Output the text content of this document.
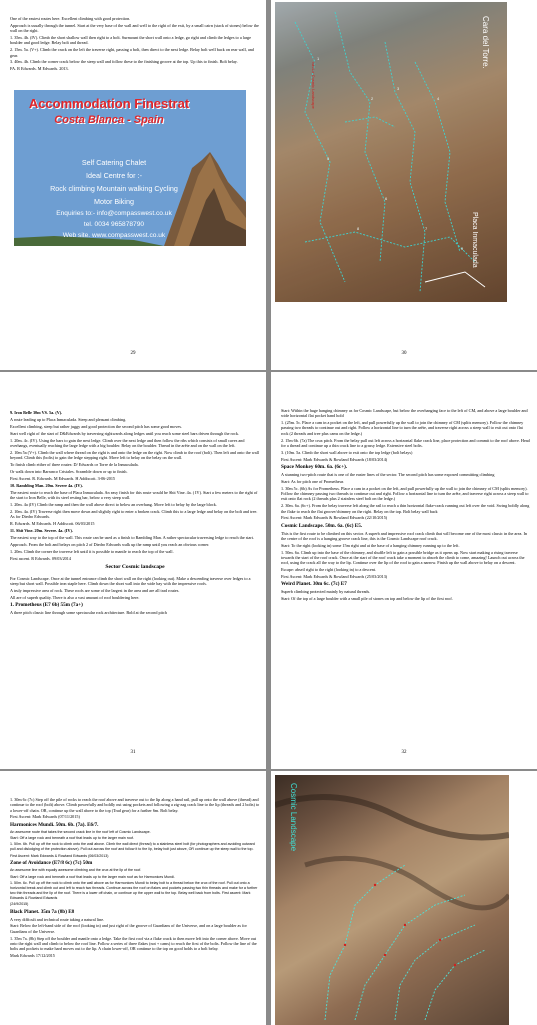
One of the easiest routes here. Excellent climbing with good protection.

Approach is usually through the tunnel. Start at the very base of the wall and well to the right of the exit, by a small cairn (stack of stones) below the wall on the right.

1. 35m. 4b. (IV). Climb the short shallow wall then right to a bolt. Surmount the short wall onto a ledge, go right and climb the ledges to a large boulder and good ledge. Belay bolt and thread.

2. 15m. 5a. (V+). Climb the crack on the left the traverse right, passing a bolt, then direct to the next ledge. Belay bolt well back on rear wall, and gear.

3. 40m. 4b. Climb the corner crack below the steep wall and follow these to the finishing groove at the top. Up this to finish. Bolt belay.

FA. R Edwards. M Edwards. 2013.

Accommodation Finestrat
Costa Blanca - Spain
Self Catering Chalet
Ideal Centre for :-
Rock climbing Mountain walking Cycling
Motor Biking
Enquiries to:- info@compasswest.co.uk
tel. 0034 965878790
Web site. www.compasswest.co.uk
29
1
2
3
4
5
6
7
8
9
Cara del Torre.
Placa Inmaculada
Sector Cosmic Landscape
30

9. Iron Belle 30m VS. 5a. (V).

A route leading up to Placa Inmaculada. Steep and pleasant climbing.

Excellent climbing, steep but rather juggy and good protection the second pitch has some good moves.

Start well right of the start of D&Edwards by traversing rightwards along ledges until you reach some steel bars driven through the rock.

1. 20m. 4c. (IV). Using the bars to gain the next ledge. Climb over the next ledge and then follow the ribs which consists of small caves and overhangs, eventually reaching the large ledge with a big boulder. Belay on the boulder. Thread in the arête and on the wall on the left.

2. 10m 5a (V+). Climb the wall where thread on the right is and onto the ledge on the right. Now climb to the roof (bolt). Then left and onto the wall beyond. Climb this (bolts) to gain the ledge stepping right. Move left to belay on the belay on the wall.

To finish climb either of three routes: D/ Edwards or Torre de la Inmaculada.

Or walk down into Barranco Cristales. Scramble down or up to finish.

First Ascent. R. Edwards. M Edwards. H Addiscott. 3-06-2015

10. Rambling Man. 20m. Severe 4a. (IV).

The easiest route to reach the base of Placa Inmaculada. An easy finish for this route would be Shit Vine. 4a. ( IV). Start a few meters to the right of the start to Iron Belle, with its steel resting bar, below a very steep wall.

1. 20m. 4a (IV) Climb the ramp and then the wall above direct to below an overhang. Move left to belay by the large block.

2. 10m. 4a. (IV) Traverse right then move down and slightly right to enter a broken crack. Climb this to a large ledge and belay on the bolt and tree. As for Diedro Edwards.

R. Edwards. M Edwards. H Addiscott. 06/03/2015

11. Shit Vine. 20m. Severe. 4a. (IV).

The easiest way to the top of the wall. This route can be used as a finish to Rambling Man. A rather spectacular traversing ledge to reach the start.

Approach. From the bolt and belays on pitch 2 of Diedro Edwards walk up the ramp until you reach an obvious corner.

1. 20m. Climb the corner the traverse left until it is possible to mantle to reach the top of the wall.

First ascent. R Edwards. 09/03/2014

Sector Cosmic landscape

For Cosmic Landscape. Once at the tunnel entrance climb the short wall on the right (looking out). Make a descending traverse over ledges to a steep but short wall. Possible iron staple here. Climb down the short wall into the wide bay with the impressive roofs.

A truly impressive area of rock. These roofs are some of the largest in the area and are all trad routes.

All are of superb quality. There is also a vast amount of roof bouldering here.

1. Prometheus (E7 6b) 55m (7a+)

A three pitch classic line through some spectacular rock architecture. Bold at the second pitch

31

Start: Within the huge hanging chimney as for Cosmic Landscape, but below the overhanging face to the left of CM, and above a large boulder and wide horizontal flat pocket hand hold

1. (25m. 5c. Place a cam in a pocket on the left, and pull powerfully up the wall to join the chimney of CM (splits memory). Follow the chimney passing two threads to continue out and right. Follow a horizontal line to turn the arête, and traverse right across a steep wall to exit out onto flat rock (2 threads and tree plus cams on the ledge.)

2. 15m 6b. (7a) The crux pitch. From the belay pull out left across a horizontal flake crack line, place protection and commit to the roof above. Head for a thread and continue up a thin crack line to a grassy ledge. Extensive steel bolts.

3. (10m. 5a. Climb the short wall above to exit onto the top ledge (bolt belays)

First Ascent: Mark Edwards & Rowland Edwards (18/03/2014)

Space Monkey 60m. 6a. (6c+).

A stunning two-pitch route that is one of the easier lines of the sector. The second pitch has some exposed committing climbing

Start: As for pitch one of Prometheus

1. 30m 5c. (6b) As for Prometheus. Place a cam in a pocket on the left, and pull powerfully up the wall to join the chimney of CM (splits memory). Follow the chimney passing two threads to continue out and right. Follow a horizontal line to turn the arête, and traverse right across a steep wall to exit onto flat rock (2 threads plus 2 stainless steel bolt on the ledge.)

2. 30m. 6a. (6c+). From the belay traverse left along the rail to reach a thin horizontal flake-crack running out left over the void. Swing boldly along the flake to reach the flat groove/chimney on the right. Belay on the top. Bolt belay wall back

First Ascent: Mark Edwards & Rowland Edwards (22/10/2015)

Cosmic Landscape. 50m. 6a. (6c) E5.

This is the first route to be climbed on this sector. A superb and impressive roof crack climb that will become one of the most classic in the area. In the centre of the roof is a hanging groove crack line, this is the Cosmic Landscape roof crack.

Start: To the right (looking in) some 15m right and at the base of a hanging chimney running up to the left.

1. 50m. 6a. Climb up into the base of the chimney, and shuffle left to gain a possible bridge as it opens up. Now start making a rising traverse towards the start of the roof crack. Once at the start of the roof crack take a moment to absorb the climb to come, amazing! Launch out across the roof, using the crack all the way to the lip. Continue over the lip of the roof to gain a narrow. Finish up the wall above to belay on a descent.

Escape: abseil right to the right (looking in) to a descent.

First Ascent: Mark Edwards & Rowland Edwards (25/03/2013)

Weird Planet. 30m 6c. (7c) E7

Superb climbing protected mainly by natural threads.

Start: Of the top of a large boulder with a small pile of stones on top and below the lip of the first roof.

32

1. 30m 6c (7c) Step off the pile of rocks to reach the roof above and traverse out to the lip along a hand rail, pull up onto the wall above (thread) and continue to the roof (bolt) above. Climb powerfully and boldly out using pockets and following a zig-zag crack line to the lip (threads and 2 bolts) to a lower-off chain. OR, continue up the wall above to the top (Trad gear) for a further 6m. Bolt belay.

First Ascent: Mark Edwards (07/11/2015)

Harmonices Mundi. 50m. 6b. (7a). E6/7.

An awesome route that takes the second crack line in the roof left of Cosmic Landscape.

Start: Off a large rock and beneath a roof that leads up to the larger main roof.

1. 50m. 6b. Pull up off the rock to climb onto the wall above. Climb the wall direct (thread) to a stainless steel bolt (for photographers and avoiding outward pull and dislodging of the protection above). Pull out across the roof and follow it to the lip, belay bolt just above, OR continue up the steep wall to the top.

First Ascent: Mark Edwards & Rowland Edwards (06/03/2013)

Zone of Avoidance (E7/8 6c) (7c) 50m

An awesome line with equally awesome climbing and the crux at the lip of the roof.

Start: Off a large rock and beneath a roof that leads up to the larger main roof as for Harmonices Mundi.

1. 50m. 6c. Pull up off the rock to climb onto the wall above as for Harmonices Mundi to belay bolt to a thread below the crux of the roof. Pull out onto a horizontal break and climb out and left to reach two threads. Continue across the roof on flakes and pockets passing two thin threads and make for a further two thin threads and the lip of the roof. There is a lower off chain, or continue up the upper wall to the top. Belay well back from bolts. First ascent: Mark Edwards & Rowland Edwards

(24/9/2015)

Black Planet. 35m 7a (8b) E8

A very difficult and technical route taking a natural line.

Start: Below the left-hand side of the roof (looking in) and just right of the groove of Guardians of the Universe, and on a large boulder as for Guardians of the Universe.

1. 35m 7a. (8b) Step off the boulder and mantle onto a ledge. Take the first roof via a flake crack to then move left into the corner above. Move out onto the right wall and climb to below the roof line. Follow a series of three flakes (not + cams) to reach the first of the bolts. Follow the line of the bolts and pockets to make hard moves out to the lip. A chain lower-off, OR continue to the top on good holds to a bolt belay.

Mark Edwards 17/12/2015

Cosmic Landscape
